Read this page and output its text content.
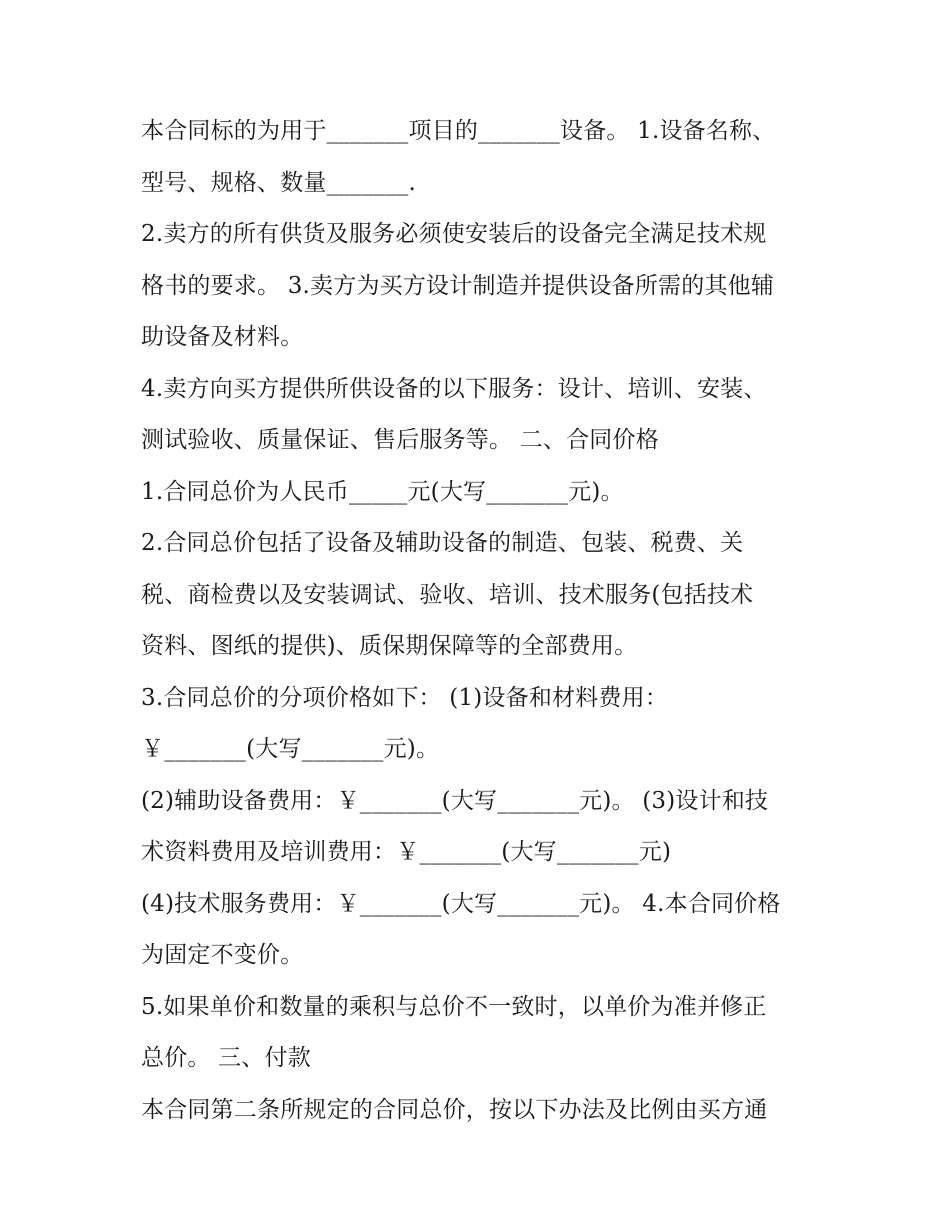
本合同标的为用于_______项目的_______设备。 1.设备名称、
型号、规格、数量_______.
2.卖方的所有供货及服务必须使安装后的设备完全满足技术规
格书的要求。 3.卖方为买方设计制造并提供设备所需的其他辅
助设备及材料。
4.卖方向买方提供所供设备的以下服务：设计、培训、安装、
测试验收、质量保证、售后服务等。 二、合同价格
1.合同总价为人民币_____元(大写_______元)。
2.合同总价包括了设备及辅助设备的制造、包装、税费、关
税、商检费以及安装调试、验收、培训、技术服务(包括技术
资料、图纸的提供)、质保期保障等的全部费用。
3.合同总价的分项价格如下： (1)设备和材料费用：
￥_______(大写_______元)。
(2)辅助设备费用：￥_______(大写_______元)。 (3)设计和技
术资料费用及培训费用：￥_______(大写_______元)
(4)技术服务费用：￥_______(大写_______元)。 4.本合同价格
为固定不变价。
5.如果单价和数量的乘积与总价不一致时，以单价为准并修正
总价。 三、付款
本合同第二条所规定的合同总价，按以下办法及比例由买方通
